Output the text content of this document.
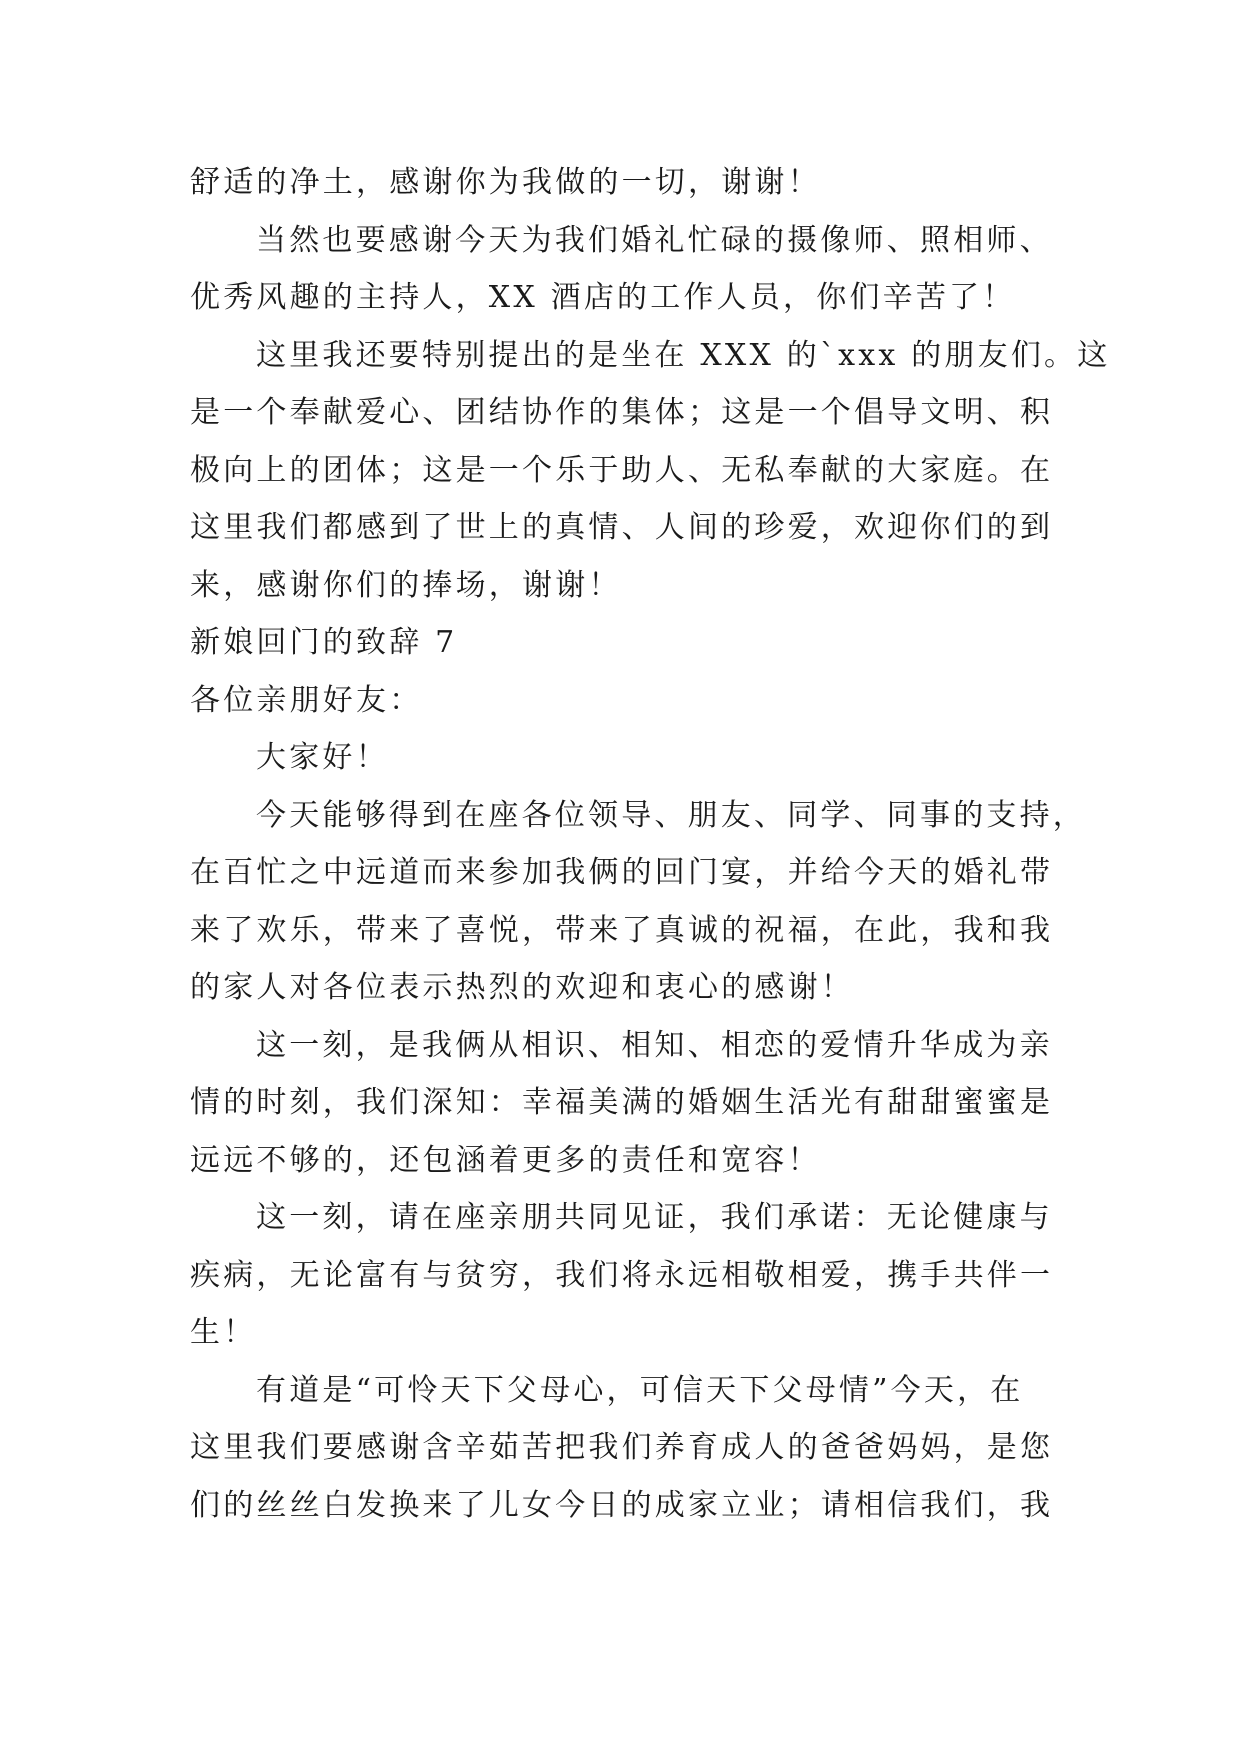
舒适的净土，感谢你为我做的一切，谢谢！
当然也要感谢今天为我们婚礼忙碌的摄像师、照相师、
优秀风趣的主持人，XX 酒店的工作人员，你们辛苦了！
这里我还要特别提出的是坐在 XXX 的`xxx 的朋友们。这
是一个奉献爱心、团结协作的集体；这是一个倡导文明、积
极向上的团体；这是一个乐于助人、无私奉献的大家庭。在
这里我们都感到了世上的真情、人间的珍爱，欢迎你们的到
来，感谢你们的捧场，谢谢！
新娘回门的致辞 7
各位亲朋好友：
大家好！
今天能够得到在座各位领导、朋友、同学、同事的支持，
在百忙之中远道而来参加我俩的回门宴，并给今天的婚礼带
来了欢乐，带来了喜悦，带来了真诚的祝福，在此，我和我
的家人对各位表示热烈的欢迎和衷心的感谢！
这一刻，是我俩从相识、相知、相恋的爱情升华成为亲
情的时刻，我们深知：幸福美满的婚姻生活光有甜甜蜜蜜是
远远不够的，还包涵着更多的责任和宽容！
这一刻，请在座亲朋共同见证，我们承诺：无论健康与
疾病，无论富有与贫穷，我们将永远相敬相爱，携手共伴一
生！
有道是“可怜天下父母心，可信天下父母情”今天，在
这里我们要感谢含辛茹苦把我们养育成人的爸爸妈妈，是您
们的丝丝白发换来了儿女今日的成家立业；请相信我们，我
